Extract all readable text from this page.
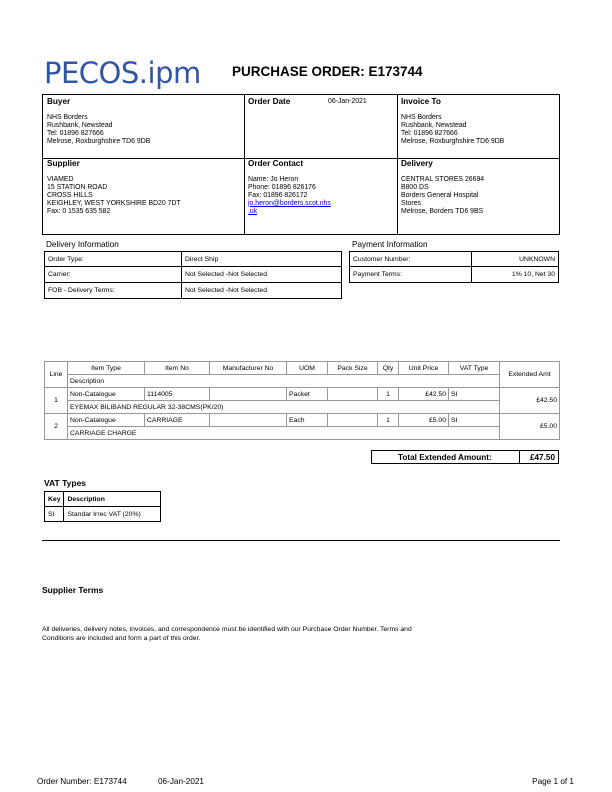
PECOS.ipm PURCHASE ORDER: E173744
Buyer
NHS Borders
Rushbank, Newstead
Tel: 01896 827666
Melrose, Roxburghshire TD6 9DB
Order Date	06-Jan-2021	Invoice To
NHS Borders
Rushbank, Newstead
Tel: 01896 827666
Melrose, Roxburghshire TD6 9DB
Supplier
VIAMED
15 STATION ROAD
CROSS HILLS
KEIGHLEY, WEST YORKSHIRE BD20 7DT
Fax: 0 1535 635 582
Order Contact
Name: Jo Heron
Phone: 01896 826176
Fax: 01896 826172
jo.heron@borders.scot.nhs
.uk
Delivery
CENTRAL STORES 26694
B800 DS
Borders General Hospital
Stores
Melrose, Borders TD6 9BS
Delivery Information
Order Type:	Direct Ship
Carrier:	Not Selected -Not Selected
FOB - Delivery Terms:	Not Selected -Not Selected
Payment Information
Customer Number:	UNKNOWN
Payment Terms:	1% 10, Net 30
Line	Item Type	Item No	Manufacturer No	UOM	Pack Size	Qty	Unit Price	VAT Type	Extended Amt
	Description								
1	Non-Catalogue	1114005		Packet		1	£42.50	SI	£42.50
	EYEMAX BILIBAND REGULAR 32-38CMS(PK/20)								
2	Non-Catalogue	CARRIAGE		Each		1	£5.00	SI	£5.00
	CARRIAGE CHARGE								
Total Extended Amount:	£47.50
VAT Types
Key	Description
SI	Standar Irrec VAT (20%)
Supplier Terms
All deliveries, delivery notes, invoices, and correspondence must be identified with our Purchase Order Number. Terms and Conditions are included and form a part of this order.
Order Number: E173744	06-Jan-2021	Page 1 of 1
